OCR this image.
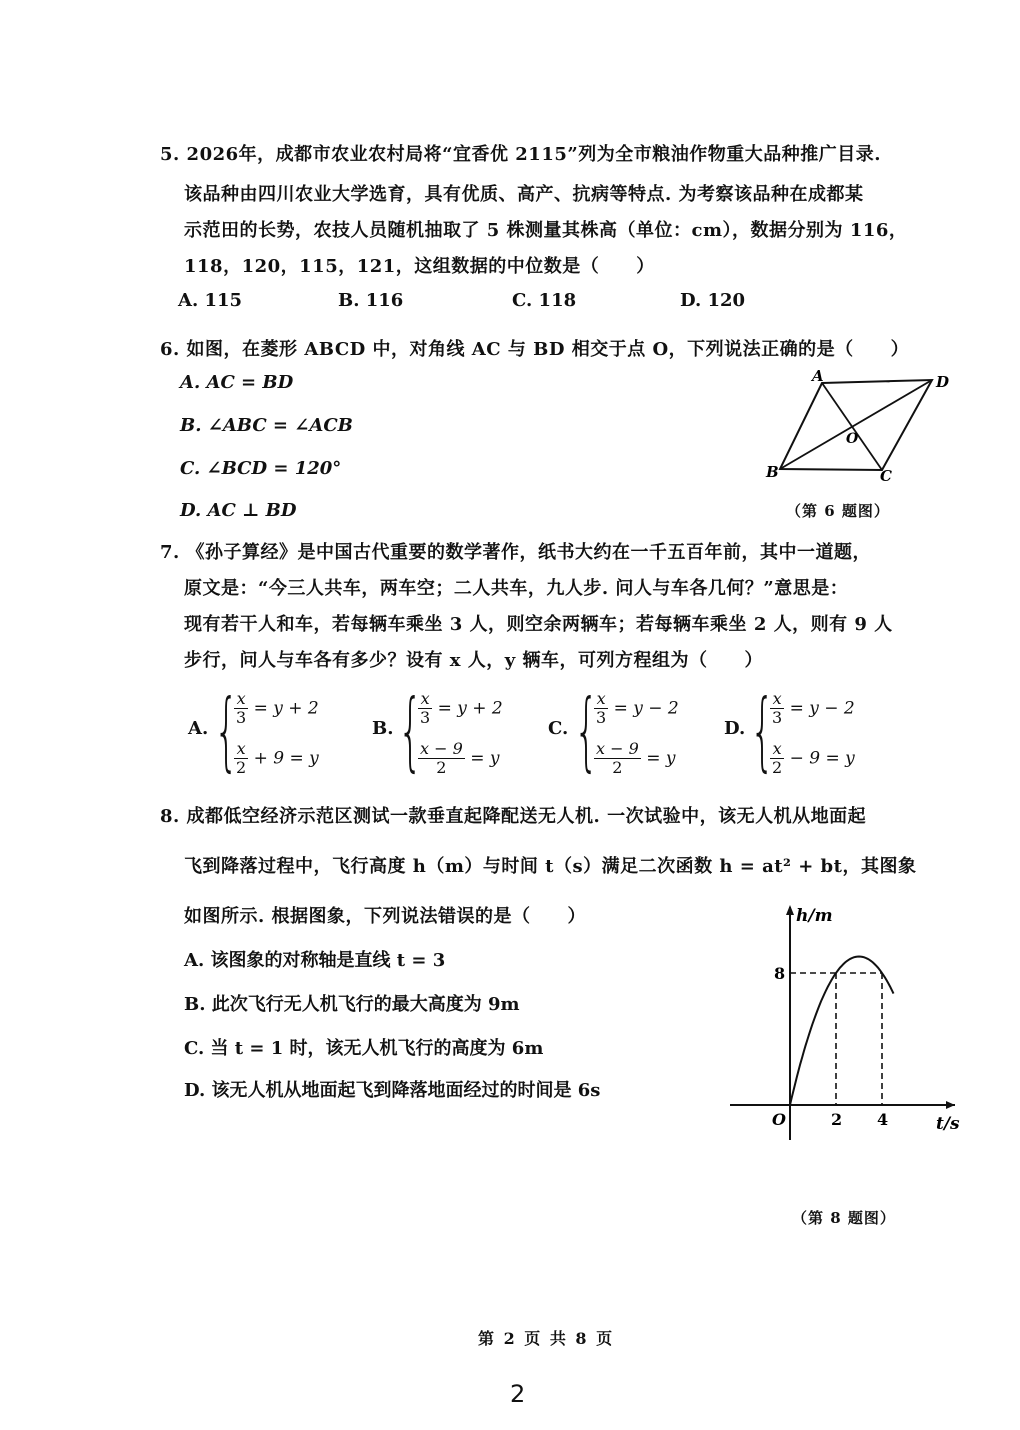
5. 2026年，成都市农业农村局将“宜香优 2115”列为全市粮油作物重大品种推广目录.
该品种由四川农业大学选育，具有优质、高产、抗病等特点. 为考察该品种在成都某
示范田的长势，农技人员随机抽取了 5 株测量其株高（单位：cm），数据分别为 116，
118，120，115，121，这组数据的中位数是（　　）
A. 115	B. 116	C. 118	D. 120
6. 如图，在菱形 ABCD 中，对角线 AC 与 BD 相交于点 O，下列说法正确的是（　　）
A. AC = BD
B. ∠ABC = ∠ACB
C. ∠BCD = 120°
D. AC ⊥ BD
A	D
B	C
O
（第 6 题图）
7. 《孙子算经》是中国古代重要的数学著作，纸书大约在一千五百年前，其中一道题，
原文是：“今三人共车，两车空；二人共车，九人步. 问人与车各几何？”意思是：
现有若干人和车，若每辆车乘坐 3 人，则空余两辆车；若每辆车乘坐 2 人，则有 9 人
步行，问人与车各有多少？设有 x 人，y 辆车，可列方程组为（　　）
A. {
$\frac{x}{3} = y + 2$
$\frac{x}{2} + 9 = y$
B. {
$\frac{x}{3} = y + 2$
$\frac{x - 9}{2} = y$
C. {
$\frac{x}{3} = y - 2$
$\frac{x - 9}{2} = y$
D. {
$\frac{x}{3} = y - 2$
$\frac{x}{2} - 9 = y$
8. 成都低空经济示范区测试一款垂直起降配送无人机. 一次试验中，该无人机从地面起
飞到降落过程中，飞行高度 h（m）与时间 t（s）满足二次函数 h = at² + bt，其图象
如图所示. 根据图象，下列说法错误的是（　　）
A. 该图象的对称轴是直线 t = 3
B. 此次飞行无人机飞行的最大高度为 9m
C. 当 t = 1 时，该无人机飞行的高度为 6m
D. 该无人机从地面起飞到降落地面经过的时间是 6s
h/m
t/s
O	2 4
8
（第 8 题图）
第 2 页 共 8 页
2
